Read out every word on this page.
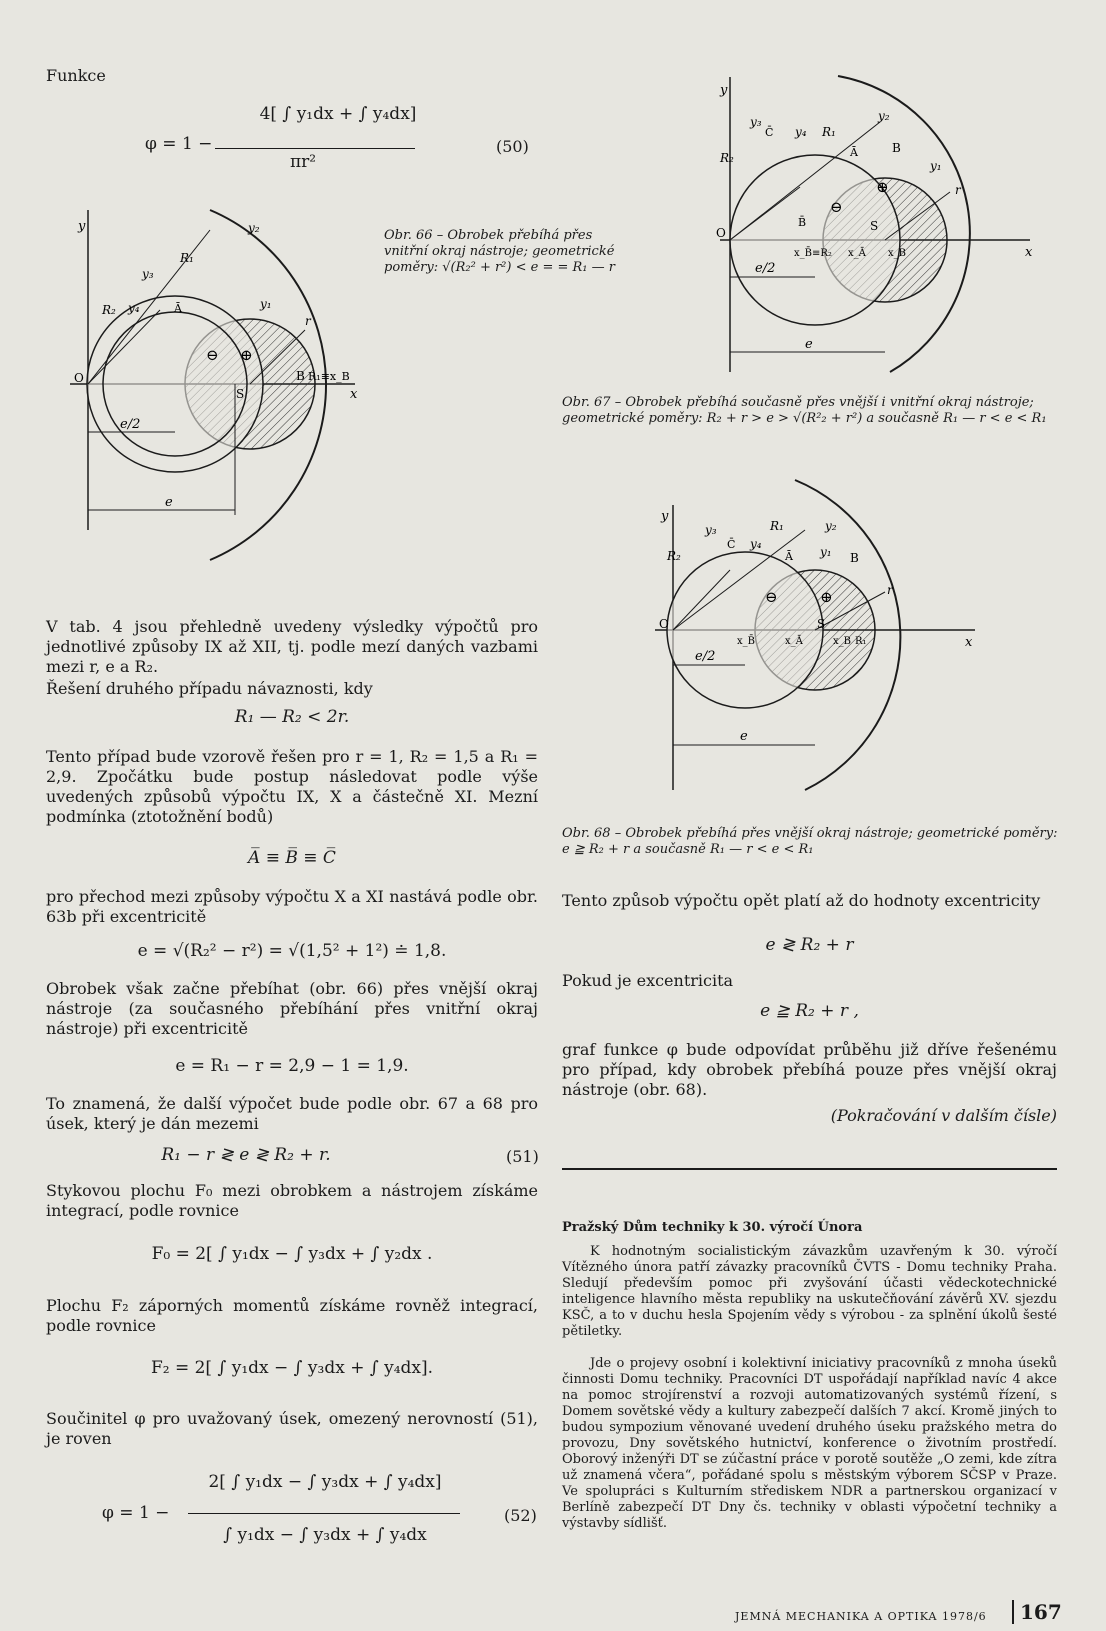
Funkce
φ = 1 −
4[ ∫ y₁dx + ∫ y₄dx]
πr²
(50)
y
x
O
e
e/2
y₂
R₁
y₃
y₄
R₂	y₁
r
⊕
⊖
S
B R₁≡x_B
Ā
y
x
O
e
e/2
y₂
R₁
y₃
y₄
R₂
y₁
r
⊕
⊖
S
B
Ā
C̄
B̄
x_B̄≡R₂ x_Ā x_B
y
x
O
e
e/2
y₂
R₁
y₃
y₄
R₂	y₁
r
⊕
⊖
S
B
Ā
C̄
R₁
x_Ā	x_B
x_B̄
Obr. 66 – Obrobek přebíhá přes vnitřní okraj nástroje; geometrické poměry: √(R₂² + r²) < e = = R₁ — r
Obr. 67 – Obrobek přebíhá současně přes vnější i vnitřní okraj nástroje; geometrické poměry: R₂ + r > e > √(R²₂ + r²) a současně R₁ — r < e < R₁
Obr. 68 – Obrobek přebíhá přes vnější okraj nástroje; geometrické poměry: e ≧ R₂ + r a současně R₁ — r < e < R₁
V tab. 4 jsou přehledně uvedeny výsledky výpočtů pro jednotlivé způsoby IX až XII, tj. podle mezí daných vazbami mezi r, e a R₂.
Řešení druhého případu návaznosti, kdy
R₁ — R₂ < 2r.
Tento případ bude vzorově řešen pro r = 1, R₂ = 1,5 a R₁ = 2,9. Zpočátku bude postup následovat podle výše uvedených způsobů výpočtu IX, X a částečně XI. Mezní podmínka (ztotožnění bodů)
A̅ ≡ B̅ ≡ C̅
pro přechod mezi způsoby výpočtu X a XI nastává podle obr. 63b při excentricitě
e = √(R₂² − r²) = √(1,5² + 1²) ≐ 1,8.
Obrobek však začne přebíhat (obr. 66) přes vnější okraj nástroje (za současného přebíhání přes vnitřní okraj nástroje) při excentricitě
e = R₁ − r = 2,9 − 1 = 1,9.
To znamená, že další výpočet bude podle obr. 67 a 68 pro úsek, který je dán mezemi
R₁ − r ≷ e ≷ R₂ + r.	(51)
Stykovou plochu F₀ mezi obrobkem a nástrojem získáme integrací, podle rovnice
F₀ = 2[ ∫ y₁dx − ∫ y₃dx + ∫ y₂dx .
Plochu F₂ záporných momentů získáme rovněž integrací, podle rovnice
F₂ = 2[ ∫ y₁dx − ∫ y₃dx + ∫ y₄dx].
Součinitel φ pro uvažovaný úsek, omezený nerovností (51), je roven
φ = 1 −
2[ ∫ y₁dx − ∫ y₃dx + ∫ y₄dx]
∫ y₁dx − ∫ y₃dx + ∫ y₄dx
(52)
Tento způsob výpočtu opět platí až do hodnoty excentricity
e ≷ R₂ + r
Pokud je excentricita
e ≧ R₂ + r ,
graf funkce φ bude odpovídat průběhu již dříve řešenému pro případ, kdy obrobek přebíhá pouze přes vnější okraj nástroje (obr. 68).
(Pokračování v dalším čísle)
Pražský Dům techniky k 30. výročí Února
K hodnotným socialistickým závazkům uzavřeným k 30. výročí Vítězného února patří závazky pracovníků ČVTS - Domu techniky Praha. Sledují především pomoc při zvyšování účasti vědeckotechnické inteligence hlavního města republiky na uskutečňování závěrů XV. sjezdu KSČ, a to v duchu hesla Spojením vědy s výrobou - za splnění úkolů šesté pětiletky.
Jde o projevy osobní i kolektivní iniciativy pracovníků z mnoha úseků činnosti Domu techniky. Pracovníci DT uspořádají například navíc 4 akce na pomoc strojírenství a rozvoji automatizovaných systémů řízení, s Domem sovětské vědy a kultury zabezpečí dalších 7 akcí. Kromě jiných to budou sympozium věnované uvedení druhého úseku pražského metra do provozu, Dny sovětského hutnictví, konference o životním prostředí. Oborový inženýři DT se zúčastní práce v porotě soutěže „O zemi, kde zítra už znamená včera“, pořádané spolu s městským výborem SČSP v Praze. Ve spolupráci s Kulturním střediskem NDR a partnerskou organizací v Berlíně zabezpečí DT Dny čs. techniky v oblasti výpočetní techniky a výstavby sídlišť.
JEMNÁ MECHANIKA A OPTIKA 1978/6 167
